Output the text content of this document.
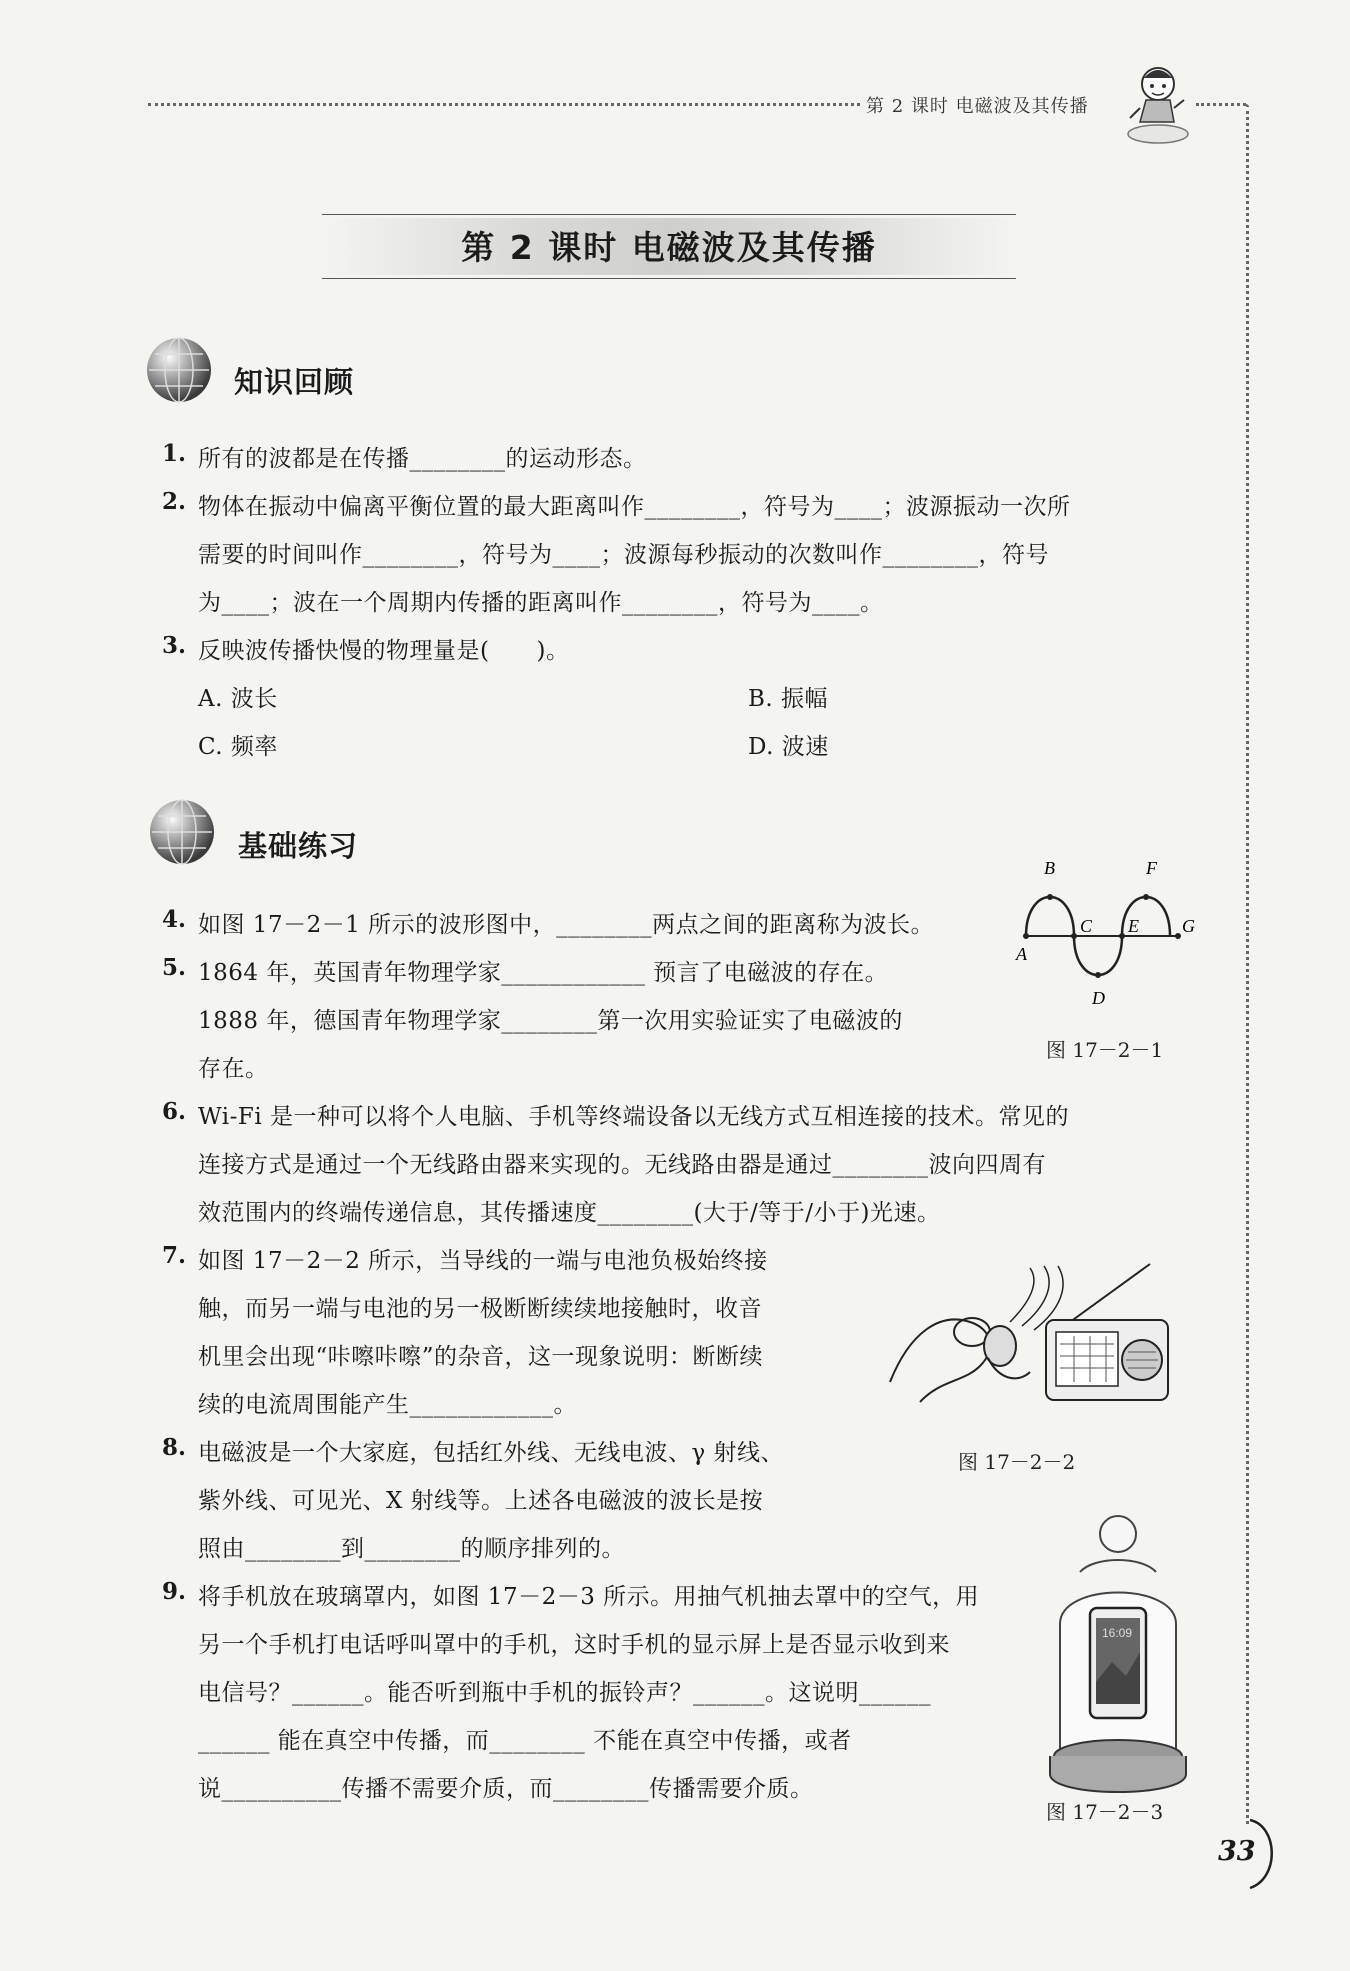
第 2 课时 电磁波及其传播
第 2 课时 电磁波及其传播
知识回顾
1. 所有的波都是在传播________的运动形态。
2. 物体在振动中偏离平衡位置的最大距离叫作________，符号为____；波源振动一次所
需要的时间叫作________，符号为____；波源每秒振动的次数叫作________，符号
为____；波在一个周期内传播的距离叫作________，符号为____。
3. 反映波传播快慢的物理量是(　　)。
A. 波长	B. 振幅
C. 频率	D. 波速
基础练习
B	F
C E G
A
D
图 17－2－1
4. 如图 17－2－1 所示的波形图中，________两点之间的距离称为波长。
5. 1864 年，英国青年物理学家____________ 预言了电磁波的存在。
1888 年，德国青年物理学家________第一次用实验证实了电磁波的
存在。
6. Wi-Fi 是一种可以将个人电脑、手机等终端设备以无线方式互相连接的技术。常见的
连接方式是通过一个无线路由器来实现的。无线路由器是通过________波向四周有
效范围内的终端传递信息，其传播速度________(大于/等于/小于)光速。
7. 如图 17－2－2 所示，当导线的一端与电池负极始终接
触，而另一端与电池的另一极断断续续地接触时，收音
机里会出现“咔嚓咔嚓”的杂音，这一现象说明：断断续
续的电流周围能产生____________。
图 17－2－2
8. 电磁波是一个大家庭，包括红外线、无线电波、γ 射线、
紫外线、可见光、X 射线等。上述各电磁波的波长是按
照由________到________的顺序排列的。
16:09
图 17－2－3
9. 将手机放在玻璃罩内，如图 17－2－3 所示。用抽气机抽去罩中的空气，用
另一个手机打电话呼叫罩中的手机，这时手机的显示屏上是否显示收到来
电信号？______。能否听到瓶中手机的振铃声？______。这说明______
______ 能在真空中传播，而________ 不能在真空中传播，或者
说__________传播不需要介质，而________传播需要介质。
33
